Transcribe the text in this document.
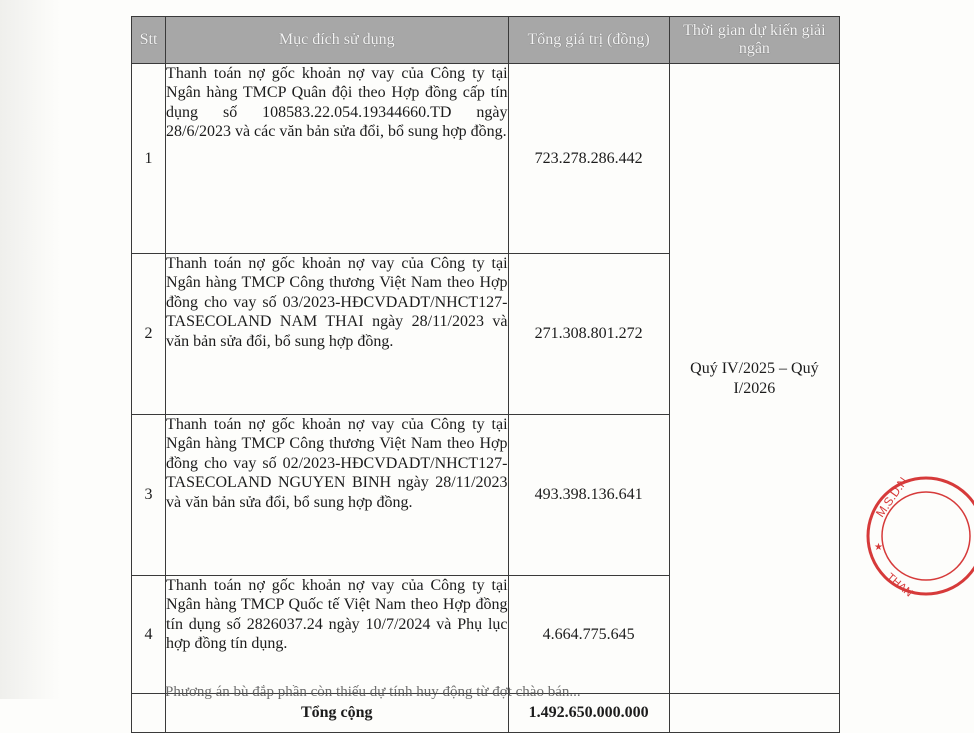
Stt	Mục đích sử dụng	Tổng giá trị (đồng)	Thời gian dự kiến giải ngân
1	Thanh toán nợ gốc khoản nợ vay của Công ty tại Ngân hàng TMCP Quân đội theo Hợp đồng cấp tín dụng số 108583.22.054.19344660.TD ngày 28/6/2023 và các văn bản sửa đổi, bổ sung hợp đồng.	723.278.286.442	Quý IV/2025 – Quý I/2026
2	Thanh toán nợ gốc khoản nợ vay của Công ty tại Ngân hàng TMCP Công thương Việt Nam theo Hợp đồng cho vay số 03/2023-HĐCVDADT/NHCT127-TASECOLAND NAM THAI ngày 28/11/2023 và văn bản sửa đổi, bổ sung hợp đồng.	271.308.801.272	
3	Thanh toán nợ gốc khoản nợ vay của Công ty tại Ngân hàng TMCP Công thương Việt Nam theo Hợp đồng cho vay số 02/2023-HĐCVDADT/NHCT127-TASECOLAND NGUYEN BINH ngày 28/11/2023 và văn bản sửa đổi, bổ sung hợp đồng.	493.398.136.641	
4	Thanh toán nợ gốc khoản nợ vay của Công ty tại Ngân hàng TMCP Quốc tế Việt Nam theo Hợp đồng tín dụng số 2826037.24 ngày 10/7/2024 và Phụ lục hợp đồng tín dụng.	4.664.775.645	
	Tổng cộng	1.492.650.000.000	
Phương án bù đắp phần còn thiếu dự tính huy động từ đợt chào bán...
M.S.D.N
THAN
★
